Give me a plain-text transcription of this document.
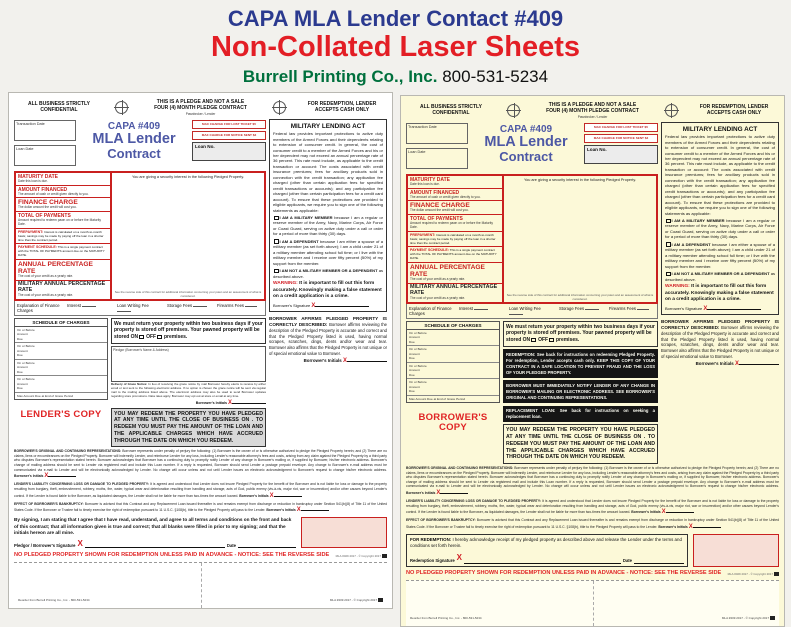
CAPA MLA Lender Contact #409
Non-Collated Laser Sheets
Burrell Printing Co., Inc. 800-531-5234
ALL BUSINESS STRICTLY CONFIDENTIAL
THIS IS A PLEDGE AND NOT A SALE
FOUR (4) MONTH PLEDGE CONTRACT
Pawnbroker / Lender
FOR REDEMPTION, LENDER ACCEPTS CASH ONLY
Transaction Date
Loan Date
CAPA #409
MLA Lender
Contract
MAX CHARGE FOR LOST TICKET $5
MAX CHARGE FOR NOTICE SENT $3
Loan No.
MATURITY DATE
Date this loan is due.
AMOUNT FINANCED
The amount of cash or credit given directly to you.
FINANCE CHARGE
The dollar amount the credit will cost you.
TOTAL OF PAYMENTS
Amount required to redeem pawn on or before the Maturity Date.
PREPAYMENT: Interest is calculated on a month-to-month basis; savings may be made by paying off the loan in a shorter time than the contract period.
PAYMENT SCHEDULE: This is a single payment contract with the TOTAL OF PAYMENTS amount due on the MATURITY DATE.
ANNUAL PERCENTAGE RATE
The cost of your credit as a yearly rate.
MILITARY ANNUAL PERCENTAGE RATE
The cost of your credit as a yearly rate.
You are giving a security interest in the following Pledged Property.
See the reverse side of this contract for additional information concerning your pawn and an assessment of what is considered.
Explanation of Finance Charges
Interest	Loan Writing Fee	Storage Fees	Firearms Fees
SCHEDULE OF CHARGES
On or Before
Amount
Due
On or Before
Amount
Due
On or Before
Amount
Due
On or Before
Amount
Due
Max Amount Due at End of Grace Period
LENDER'S COPY
We must return your property within two business days if your property is stored off premises. Your pawned property will be stored ON OFF premises.
Pledgor (Borrower's Name & Address)
Delivery of Grace Notice: In lieu of receiving the grace notice by mail Borrower hereby elects to receive by either email or text sent to the following electronic address. If no option is chosen the grace notice will be sent via regular mail to the mailing address listed above. The electronic address may also be used to send Borrower updates regarding store promotions. Data rates apply. Borrower may opt out at store or email at any time.
Borrower's Initials X
YOU MAY REDEEM THE PROPERTY YOU HAVE PLEDGED AT ANY TIME UNTIL THE CLOSE OF BUSINESS ON . TO REDEEM YOU MUST PAY THE AMOUNT OF THE LOAN AND THE APPLICABLE CHARGES WHICH HAVE ACCRUED THROUGH THE DATE ON WHICH YOU REDEEM.
MILITARY LENDING ACT
Federal law provides important protections to active duty members of the Armed Forces and their dependents relating to extension of consumer credit. In general, the cost of consumer credit to a member of the Armed Forces and his or her dependent may not exceed an annual percentage rate of 36 percent. This rate must include, as applicable to the credit transaction or account: The costs associated with credit insurance premiums; fees for ancillary products sold in connection with the credit transaction; any application fee charged (other than certain application fees for specified credit transactions or accounts); and any participation fee charged (other than certain participation fees for a credit card account). To ensure that these protections are provided to eligible applicants, we require you to sign one of the following statements as applicable:
I AM A MILITARY MEMBER because I am a regular or reserve member of the Army, Navy, Marine Corps, Air Force or Coast Guard, serving on active duty under a call or order for a period of more than thirty (30) days.
I AM A DEPENDENT because I am either a spouse of a military member (as set forth above); I am a child under 21 of a military member attending school full time; or I live with the military member and I receive over fifty percent (50%) of my support from the member.
I AM NOT A MILITARY MEMBER OR A DEPENDENT as described above.
WARNING: It is important to fill out this form accurately. Knowingly making a false statement on a credit application is a crime.
Borrower's Signature X
BORROWER AFFIRMS PLEDGED PROPERTY IS CORRECTLY DESCRIBED: Borrower affirms reviewing the description of the Pledged Property is accurate and correct and that the Pledged Property listed is used, having normal scrapes, scratches, dings, dents and/or wear and tear. Borrower also affirms that the Pledged Property is not unique or of special emotional value to Borrower.
Borrower's Initials X
BORROWER'S ORIGINAL AND CONTINUING REPRESENTATIONS: Borrower represents under penalty of perjury the following: (1) Borrower is the owner of or is otherwise authorized to pledge the Pledged Property herein; and (2) There are no claims, liens or encumbrances on the Pledged Property. Borrower will indemnify Lender, and reimburse Lender for any loss, including Lender's reasonable attorney's fees and costs, arising from any claim against the Pledged Property by a third party who disputes Borrower's representation stated herein. Borrower acknowledges that Borrower has a continuing duty to promptly notify Lender of any change in Borrower's mailing or, if supplied by Borrower, his/her electronic address. Borrower's change of mailing address should be sent to Lender via registered mail and include this Loan number. If a reply is requested, Borrower should send Lender a postage prepaid envelope. Any change to Borrower's e-mail address must be communicated via e-mail to Lender and will be electronically acknowledged by Lender. No change will occur unless and not until Lender issues an electronic acknowledgment to Borrower's request to change his/her electronic address. Borrower's Initials X
LENDER'S LIABILITY CONCERNING LOSS OR DAMAGE TO PLEDGED PROPERTY: It is agreed and understood that Lender does not insure Pledged Property for the benefit of the Borrower and is not liable for loss or damage to the property resulting from burglary, theft, embezzlement, robbery, moths, fire, water, typical wear and deterioration resulting from handling and storage, acts of God, public enemy (vis-à-vis, major riot, war or insurrection) and/or other causes beyond Lender's control. If the Lender is found liable to the Borrower, as liquidated damages, the Lender shall not be liable for more than two-times the amount loaned. Borrower's Initials X
EFFECT OF BORROWER'S BANKRUPTCY: Borrower is advised that this Contract and any Replacement Loan issued thereafter is and remains exempt from discharge or reduction in bankruptcy under Section 541(b)(8) of Title 11 of the United States Code. If the Borrower or Trustee fail to timely exercise the right of redemption pursuant to 11 U.S.C. §108(b), title to the Pledged Property will pass to the Lender. Borrower's Initials X
By signing, I am stating that I agree that I have read, understand, and agree to all terms and conditions on the front and back of this contract; that all information given is true and correct; that all blanks were filled in prior to my signing; and that the initials hereon are all mine.
Pledgor / Borrower's Signature X	Date
NO PLEDGED PROPERTY SHOWN FOR REDEMPTION UNLESS PAID IN ADVANCE - NOTICE: SEE THE REVERSE SIDE	MLA #409 2017 - © Copyright 2017
Reorder from Burrell Printing Co., Inc. - 800-531-5234	MLA #409 2017 - © Copyright 2017
ALL BUSINESS STRICTLY CONFIDENTIAL
THIS IS A PLEDGE AND NOT A SALE
FOUR (4) MONTH PLEDGE CONTRACT
Pawnbroker / Lender
FOR REDEMPTION, LENDER ACCEPTS CASH ONLY
Transaction Date
Loan Date
CAPA #409
MLA Lender
Contract
MAX CHARGE FOR LOST TICKET $5
MAX CHARGE FOR NOTICE SENT $3
Loan No.
MATURITY DATE
Date this loan is due.
AMOUNT FINANCED
The amount of cash or credit given directly to you.
FINANCE CHARGE
The dollar amount the credit will cost you.
TOTAL OF PAYMENTS
Amount required to redeem pawn on or before the Maturity Date.
PREPAYMENT: Interest is calculated on a month-to-month basis; savings may be made by paying off the loan in a shorter time than the contract period.
PAYMENT SCHEDULE: This is a single payment contract with the TOTAL OF PAYMENTS amount due on the MATURITY DATE.
ANNUAL PERCENTAGE RATE
The cost of your credit as a yearly rate.
MILITARY ANNUAL PERCENTAGE RATE
The cost of your credit as a yearly rate.
You are giving a security interest in the following Pledged Property.
See the reverse side of this contract for additional information concerning your pawn and an assessment of what is considered.
Explanation of Finance Charges
Interest	Loan Writing Fee	Storage Fees	Firearms Fees
SCHEDULE OF CHARGES
On or Before
Amount
Due
On or Before
Amount
Due
On or Before
Amount
Due
On or Before
Amount
Due
Max Amount Due at End of Grace Period
BORROWER'S COPY
We must return your property within two business days if your property is stored off premises. Your pawned property will be stored ON OFF premises.
REDEMPTION: See back for instructions on redeeming Pledged Property. For redemption, Lender accepts cash only. KEEP THIS COPY OF YOUR CONTRACT IN A SAFE LOCATION TO PREVENT FRAUD AND THE LOSS OF YOUR PLEDGED PROPERTY.
BORROWER MUST IMMEDIATELY NOTIFY LENDER OF ANY CHANGE IN BORROWER'S MAILING OR ELECTRONIC ADDRESS. SEE BORROWER'S ORIGINAL AND CONTINUING REPRESENTATIONS.
REPLACEMENT LOAN: See back for instructions on seeking a replacement loan.
YOU MAY REDEEM THE PROPERTY YOU HAVE PLEDGED AT ANY TIME UNTIL THE CLOSE OF BUSINESS ON . TO REDEEM YOU MUST PAY THE AMOUNT OF THE LOAN AND THE APPLICABLE CHARGES WHICH HAVE ACCRUED THROUGH THE DATE ON WHICH YOU REDEEM.
MILITARY LENDING ACT
Federal law provides important protections to active duty members of the Armed Forces and their dependents relating to extension of consumer credit. In general, the cost of consumer credit to a member of the Armed Forces and his or her dependent may not exceed an annual percentage rate of 36 percent. This rate must include, as applicable to the credit transaction or account: The costs associated with credit insurance premiums; fees for ancillary products sold in connection with the credit transaction; any application fee charged (other than certain application fees for specified credit transactions or accounts); and any participation fee charged (other than certain participation fees for a credit card account). To ensure that these protections are provided to eligible applicants, we require you to sign one of the following statements as applicable:
I AM A MILITARY MEMBER because I am a regular or reserve member of the Army, Navy, Marine Corps, Air Force or Coast Guard, serving on active duty under a call or order for a period of more than thirty (30) days.
I AM A DEPENDENT because I am either a spouse of a military member (as set forth above); I am a child under 21 of a military member attending school full time; or I live with the military member and I receive over fifty percent (50%) of my support from the member.
I AM NOT A MILITARY MEMBER OR A DEPENDENT as described above.
WARNING: It is important to fill out this form accurately. Knowingly making a false statement on a credit application is a crime.
Borrower's Signature X
BORROWER AFFIRMS PLEDGED PROPERTY IS CORRECTLY DESCRIBED: Borrower affirms reviewing the description of the Pledged Property is accurate and correct and that the Pledged Property listed is used, having normal scrapes, scratches, dings, dents and/or wear and tear. Borrower also affirms that the Pledged Property is not unique or of special emotional value to Borrower.
Borrower's Initials X
BORROWER'S ORIGINAL AND CONTINUING REPRESENTATIONS: Borrower represents under penalty of perjury the following: (1) Borrower is the owner of or is otherwise authorized to pledge the Pledged Property herein; and (2) There are no claims, liens or encumbrances on the Pledged Property. Borrower will indemnify Lender, and reimburse Lender for any loss, including Lender's reasonable attorney's fees and costs, arising from any claim against the Pledged Property by a third party who disputes Borrower's representation stated herein. Borrower acknowledges that Borrower has a continuing duty to promptly notify Lender of any change in Borrower's mailing or, if supplied by Borrower, his/her electronic address. Borrower's change of mailing address should be sent to Lender via registered mail and include this Loan number. If a reply is requested, Borrower should send Lender a postage prepaid envelope. Any change to Borrower's e-mail address must be communicated via e-mail to Lender and will be electronically acknowledged by Lender. No change will occur unless and not until Lender issues an electronic acknowledgment to Borrower's request to change his/her electronic address. Borrower's Initials X
LENDER'S LIABILITY CONCERNING LOSS OR DAMAGE TO PLEDGED PROPERTY: It is agreed and understood that Lender does not insure Pledged Property for the benefit of the Borrower and is not liable for loss or damage to the property resulting from burglary, theft, embezzlement, robbery, moths, fire, water, typical wear and deterioration resulting from handling and storage, acts of God, public enemy (vis-à-vis, major riot, war or insurrection) and/or other causes beyond Lender's control. If the Lender is found liable to the Borrower, as liquidated damages, the Lender shall not be liable for more than two-times the amount loaned. Borrower's Initials X
EFFECT OF BORROWER'S BANKRUPTCY: Borrower is advised that this Contract and any Replacement Loan issued thereafter is and remains exempt from discharge or reduction in bankruptcy under Section 541(b)(8) of Title 11 of the United States Code. If the Borrower or Trustee fail to timely exercise the right of redemption pursuant to 11 U.S.C. §108(b), title to the Pledged Property will pass to the Lender. Borrower's Initials X
FOR REDEMPTION: I hereby acknowledge receipt of my pledged property as described above and release the Lender under the terms and conditions set forth herein.
Redemption Signature X	Date
NO PLEDGED PROPERTY SHOWN FOR REDEMPTION UNLESS PAID IN ADVANCE - NOTICE: SEE THE REVERSE SIDE	MLA #409 2017 - © Copyright 2017
Reorder from Burrell Printing Co., Inc. - 800-531-5234	MLA #409 2017 - © Copyright 2017
